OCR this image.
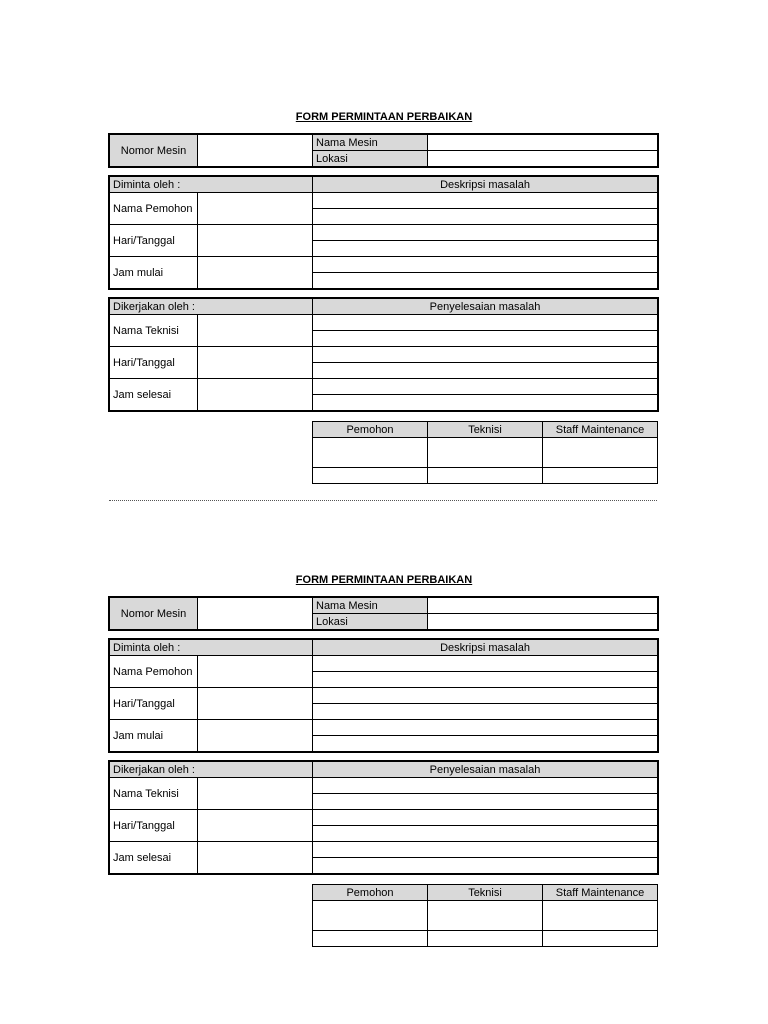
FORM PERMINTAAN PERBAIKAN
Nomor Mesin		Nama Mesin	
		Lokasi	
Diminta oleh :		Deskripsi masalah
Nama Pemohon		

Hari/Tanggal		

Jam mulai		

Dikerjakan oleh :		Penyelesaian masalah
Nama Teknisi		

Hari/Tanggal		

Jam selesai		

Pemohon	Teknisi	Staff Maintenance

FORM PERMINTAAN PERBAIKAN
Nomor Mesin		Nama Mesin	
		Lokasi	
Diminta oleh :		Deskripsi masalah
Nama Pemohon		

Hari/Tanggal		

Jam mulai		

Dikerjakan oleh :		Penyelesaian masalah
Nama Teknisi		

Hari/Tanggal		

Jam selesai		

Pemohon	Teknisi	Staff Maintenance
